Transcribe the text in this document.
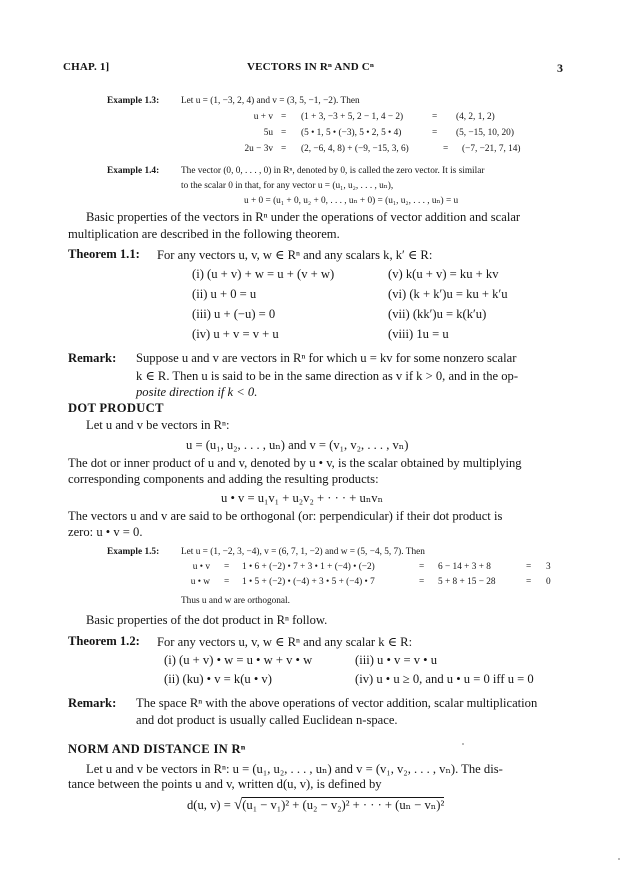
CHAP. 1]	VECTORS IN Rⁿ AND Cⁿ	3
Example 1.3: Let u = (1, −3, 2, 4) and v = (3, 5, −1, −2). Then
u + v = (1 + 3, −3 + 5, 2 − 1, 4 − 2)	= (4, 2, 1, 2)
5u = (5 • 1, 5 • (−3), 5 • 2, 5 • 4)	= (5, −15, 10, 20)
2u − 3v = (2, −6, 4, 8) + (−9, −15, 3, 6)	= (−7, −21, 7, 14)
Example 1.4: The vector (0, 0, . . . , 0) in Rⁿ, denoted by 0, is called the zero vector. It is similar
to the scalar 0 in that, for any vector u = (u₁, u₂, . . . , uₙ),
u + 0 = (u₁ + 0, u₂ + 0, . . . , uₙ + 0) = (u₁, u₂, . . . , uₙ) = u
Basic properties of the vectors in Rⁿ under the operations of vector addition and scalar
multiplication are described in the following theorem.
Theorem 1.1: For any vectors u, v, w ∈ Rⁿ and any scalars k, k′ ∈ R:
(i) (u + v) + w = u + (v + w)
(ii) u + 0 = u
(iii) u + (−u) = 0
(iv) u + v = v + u
(v) k(u + v) = ku + kv
(vi) (k + k′)u = ku + k′u
(vii) (kk′)u = k(k′u)
(viii) 1u = u
Remark: Suppose u and v are vectors in Rⁿ for which u = kv for some nonzero scalar
k ∈ R. Then u is said to be in the same direction as v if k > 0, and in the op-
posite direction if k < 0.
DOT PRODUCT
Let u and v be vectors in Rⁿ:
u = (u₁, u₂, . . . , uₙ) and v = (v₁, v₂, . . . , vₙ)
The dot or inner product of u and v, denoted by u • v, is the scalar obtained by multiplying
corresponding components and adding the resulting products:
u • v = u₁v₁ + u₂v₂ + · · · + uₙvₙ
The vectors u and v are said to be orthogonal (or: perpendicular) if their dot product is
zero: u • v = 0.
Example 1.5: Let u = (1, −2, 3, −4), v = (6, 7, 1, −2) and w = (5, −4, 5, 7). Then
u • v = 1 • 6 + (−2) • 7 + 3 • 1 + (−4) • (−2)	= 6 − 14 + 3 + 8	= 3
u • w = 1 • 5 + (−2) • (−4) + 3 • 5 + (−4) • 7	= 5 + 8 + 15 − 28	= 0
Thus u and w are orthogonal.
Basic properties of the dot product in Rⁿ follow.
Theorem 1.2: For any vectors u, v, w ∈ Rⁿ and any scalar k ∈ R:
(i) (u + v) • w = u • w + v • w
(ii) (ku) • v = k(u • v)
(iii) u • v = v • u
(iv) u • u ≥ 0, and u • u = 0 iff u = 0
Remark: The space Rⁿ with the above operations of vector addition, scalar multiplication
and dot product is usually called Euclidean n-space.
NORM AND DISTANCE IN Rⁿ
Let u and v be vectors in Rⁿ: u = (u₁, u₂, . . . , uₙ) and v = (v₁, v₂, . . . , vₙ). The dis-
tance between the points u and v, written d(u, v), is defined by
d(u, v) = √(u₁ − v₁)² + (u₂ − v₂)² + · · · + (uₙ − vₙ)²
